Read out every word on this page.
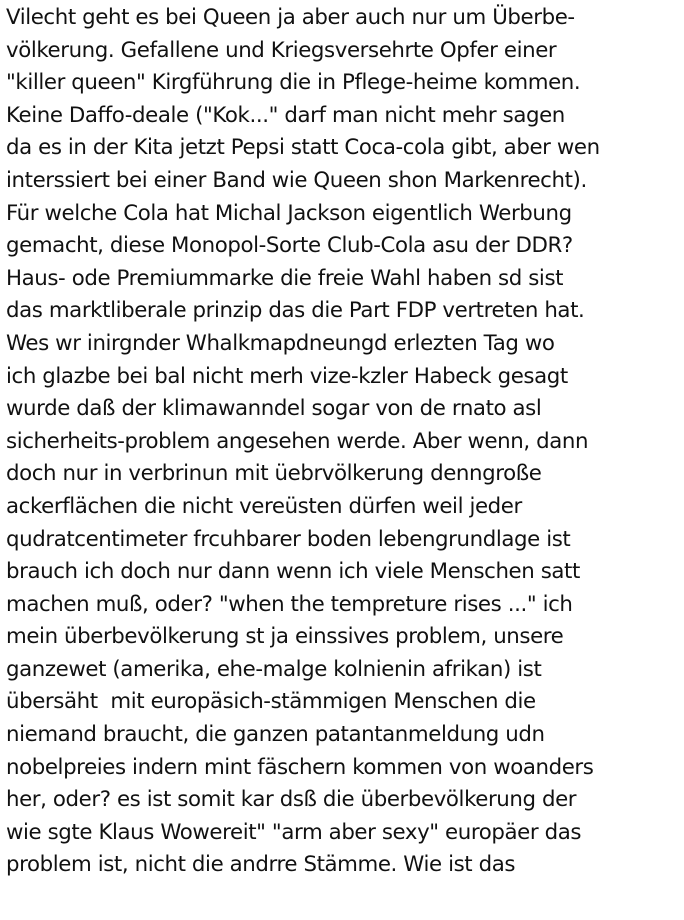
Vilecht geht es bei Queen ja aber auch nur um Überbe-
völkerung. Gefallene und Kriegsversehrte Opfer einer
"killer queen" Kirgführung die in Pflege-heime kommen.
Keine Daffo-deale ("Kok..." darf man nicht mehr sagen
da es in der Kita jetzt Pepsi statt Coca-cola gibt, aber wen
interssiert bei einer Band wie Queen shon Markenrecht).
Für welche Cola hat Michal Jackson eigentlich Werbung
gemacht, diese Monopol-Sorte Club-Cola asu der DDR?
Haus- ode Premiummarke die freie Wahl haben sd sist
das marktliberale prinzip das die Part FDP vertreten hat.
Wes wr inirgnder Whalkmapdneungd erlezten Tag wo
ich glazbe bei bal nicht merh vize-kzler Habeck gesagt
wurde daß der klimawanndel sogar von de rnato asl
sicherheits-problem angesehen werde. Aber wenn, dann
doch nur in verbrinun mit üebrvölkerung denngroße
ackerflächen die nicht vereüsten dürfen weil jeder
qudratcentimeter frcuhbarer boden lebengrundlage ist
brauch ich doch nur dann wenn ich viele Menschen satt
machen muß, oder? "when the tempreture rises ..." ich
mein überbevölkerung st ja einssives problem, unsere
ganzewet (amerika, ehe-malge kolnienin afrikan) ist
übersäht  mit europäsich-stämmigen Menschen die
niemand braucht, die ganzen patantanmeldung udn
nobelpreies indern mint fäschern kommen von woanders
her, oder? es ist somit kar dsß die überbevölkerung der
wie sgte Klaus Wowereit" "arm aber sexy" europäer das
problem ist, nicht die andrre Stämme. Wie ist das
